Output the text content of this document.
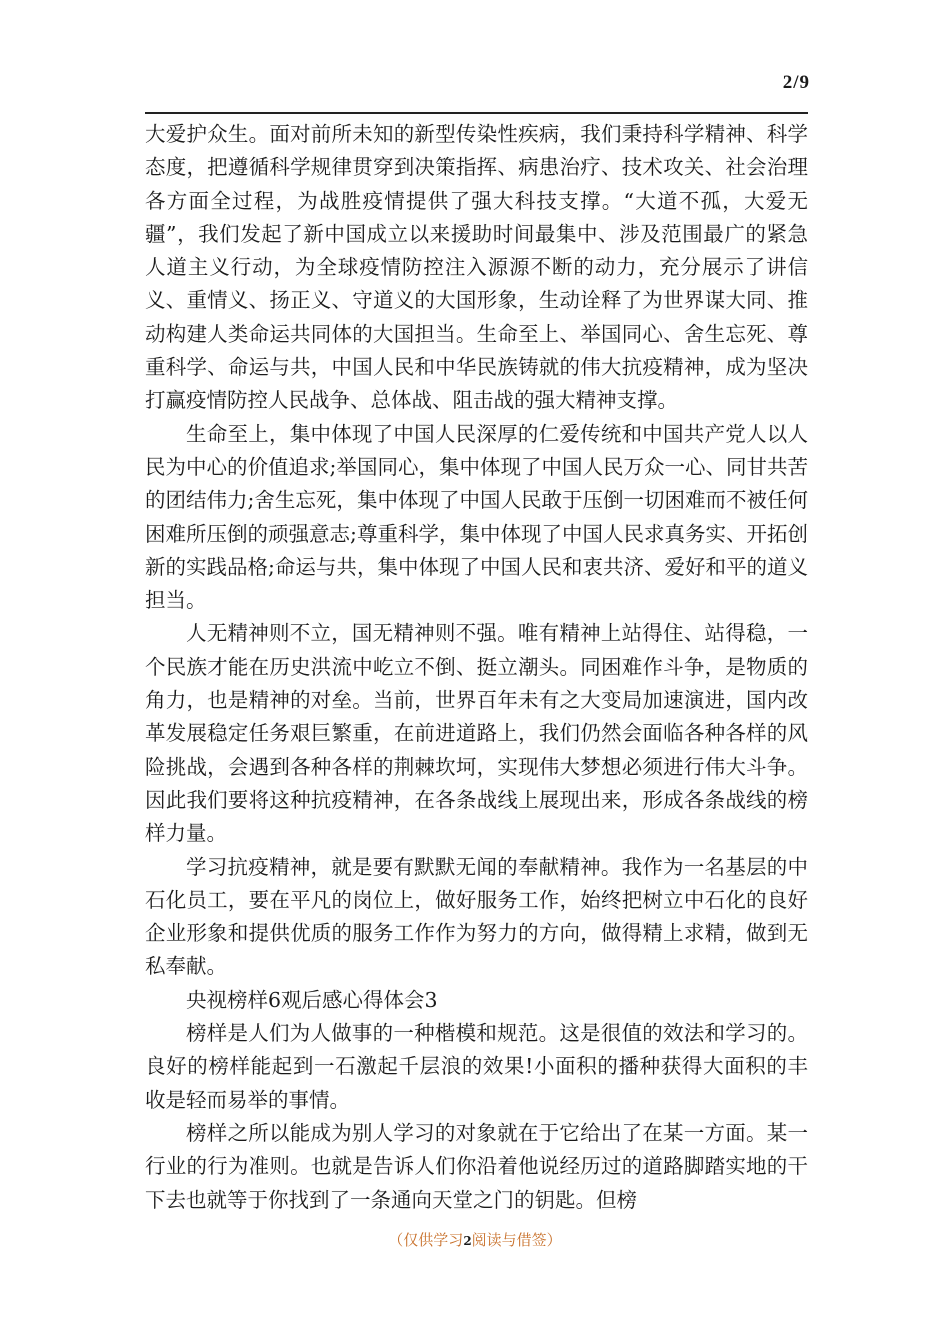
2/9

大爱护众生。面对前所未知的新型传染性疾病，我们秉持科学精神、科学态度，把遵循科学规律贯穿到决策指挥、病患治疗、技术攻关、社会治理各方面全过程，为战胜疫情提供了强大科技支撑。“大道不孤，大爱无疆”，我们发起了新中国成立以来援助时间最集中、涉及范围最广的紧急人道主义行动，为全球疫情防控注入源源不断的动力，充分展示了讲信义、重情义、扬正义、守道义的大国形象，生动诠释了为世界谋大同、推动构建人类命运共同体的大国担当。生命至上、举国同心、舍生忘死、尊重科学、命运与共，中国人民和中华民族铸就的伟大抗疫精神，成为坚决打赢疫情防控人民战争、总体战、阻击战的强大精神支撑。

生命至上，集中体现了中国人民深厚的仁爱传统和中国共产党人以人民为中心的价值追求;举国同心，集中体现了中国人民万众一心、同甘共苦的团结伟力;舍生忘死，集中体现了中国人民敢于压倒一切困难而不被任何困难所压倒的顽强意志;尊重科学，集中体现了中国人民求真务实、开拓创新的实践品格;命运与共，集中体现了中国人民和衷共济、爱好和平的道义担当。

人无精神则不立，国无精神则不强。唯有精神上站得住、站得稳，一个民族才能在历史洪流中屹立不倒、挺立潮头。同困难作斗争，是物质的角力，也是精神的对垒。当前，世界百年未有之大变局加速演进，国内改革发展稳定任务艰巨繁重，在前进道路上，我们仍然会面临各种各样的风险挑战，会遇到各种各样的荆棘坎坷，实现伟大梦想必须进行伟大斗争。因此我们要将这种抗疫精神，在各条战线上展现出来，形成各条战线的榜样力量。

学习抗疫精神，就是要有默默无闻的奉献精神。我作为一名基层的中石化员工，要在平凡的岗位上，做好服务工作，始终把树立中石化的良好企业形象和提供优质的服务工作作为努力的方向，做得精上求精，做到无私奉献。

央视榜样6观后感心得体会3

榜样是人们为人做事的一种楷模和规范。这是很值的效法和学习的。良好的榜样能起到一石激起千层浪的效果!小面积的播种获得大面积的丰收是轻而易举的事情。

榜样之所以能成为别人学习的对象就在于它给出了在某一方面。某一行业的行为准则。也就是告诉人们你沿着他说经历过的道路脚踏实地的干下去也就等于你找到了一条通向天堂之门的钥匙。但榜

（仅供学习2阅读与借签）
